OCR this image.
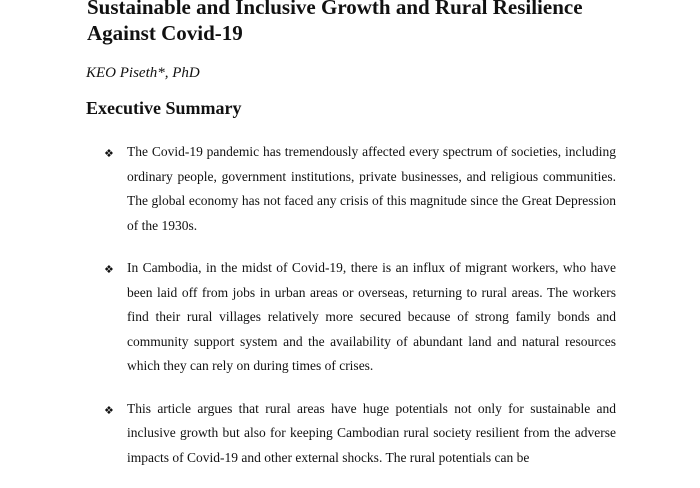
Sustainable and Inclusive Growth and Rural Resilience Against Covid-19

KEO Piseth*, PhD

Executive Summary
❖ The Covid-19 pandemic has tremendously affected every spectrum of societies, including ordinary people, government institutions, private businesses, and religious communities. The global economy has not faced any crisis of this magnitude since the Great Depression of the 1930s.

❖ In Cambodia, in the midst of Covid-19, there is an influx of migrant workers, who have been laid off from jobs in urban areas or overseas, returning to rural areas. The workers find their rural villages relatively more secured because of strong family bonds and community support system and the availability of abundant land and natural resources which they can rely on during times of crises.

❖ This article argues that rural areas have huge potentials not only for sustainable and inclusive growth but also for keeping Cambodian rural society resilient from the adverse impacts of Covid-19 and other external shocks. The rural potentials can be
